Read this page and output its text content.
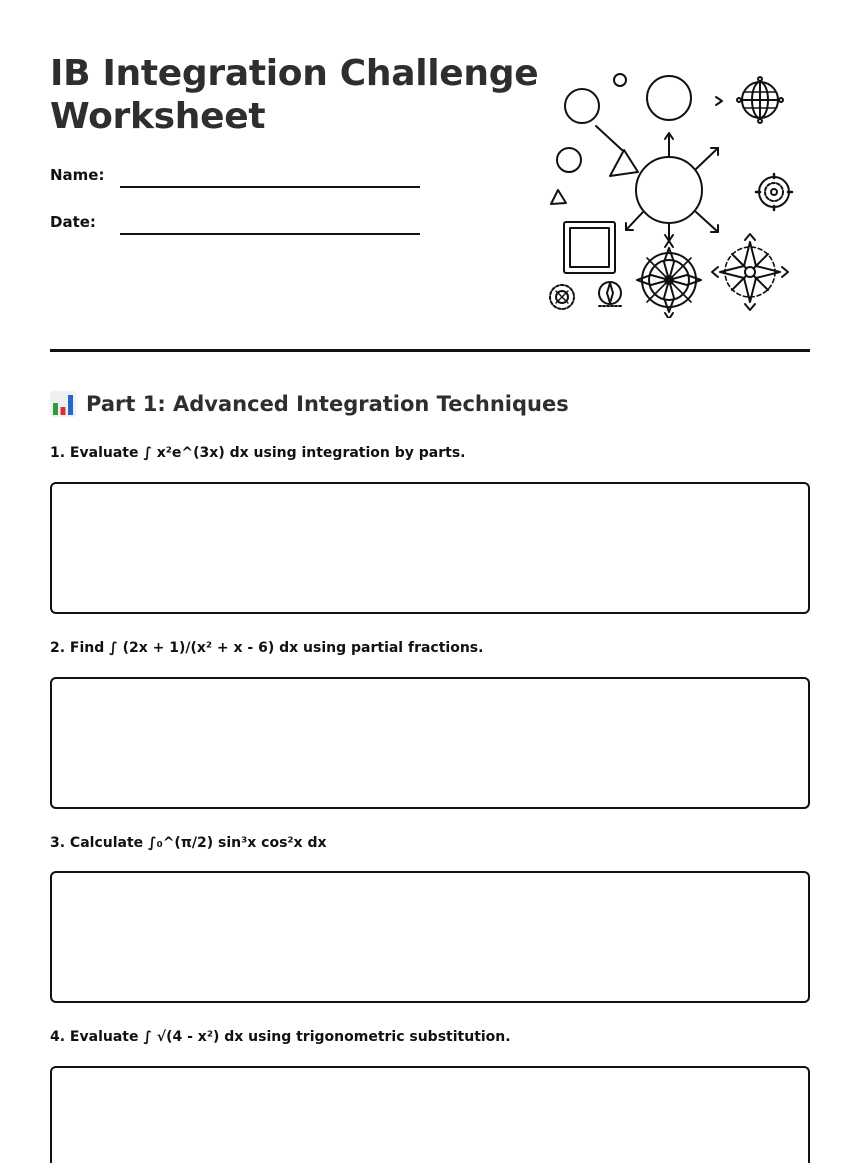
IB Integration Challenge
Worksheet
Name:
Date:
Part 1: Advanced Integration Techniques
1. Evaluate ∫ x²e^(3x) dx using integration by parts.
2. Find ∫ (2x + 1)/(x² + x - 6) dx using partial fractions.
3. Calculate ∫₀^(π/2) sin³x cos²x dx
4. Evaluate ∫ √(4 - x²) dx using trigonometric substitution.
